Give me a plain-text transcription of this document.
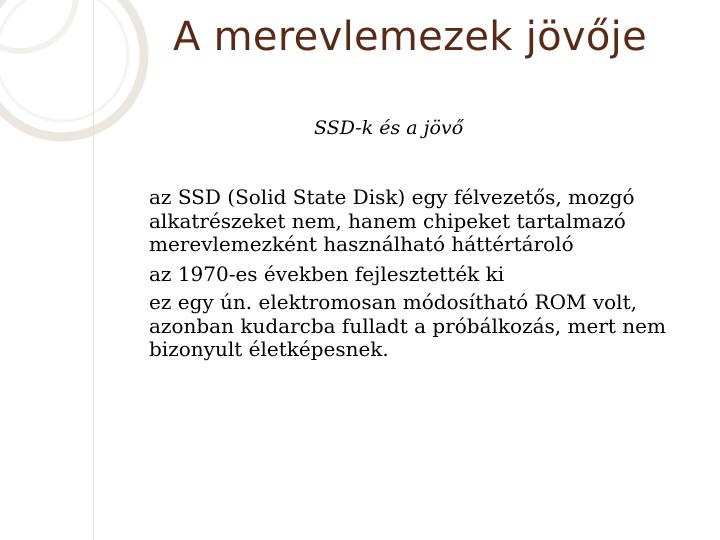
A merevlemezek jövője
SSD-k és a jövő
az SSD (Solid State Disk) egy félvezetős, mozgó alkatrészeket nem, hanem chipeket tartalmazó merevlemezként használható háttértároló
az 1970-es években fejlesztették ki
ez egy ún. elektromosan módosítható ROM volt, azonban kudarcba fulladt a próbálkozás, mert nem bizonyult életképesnek.
